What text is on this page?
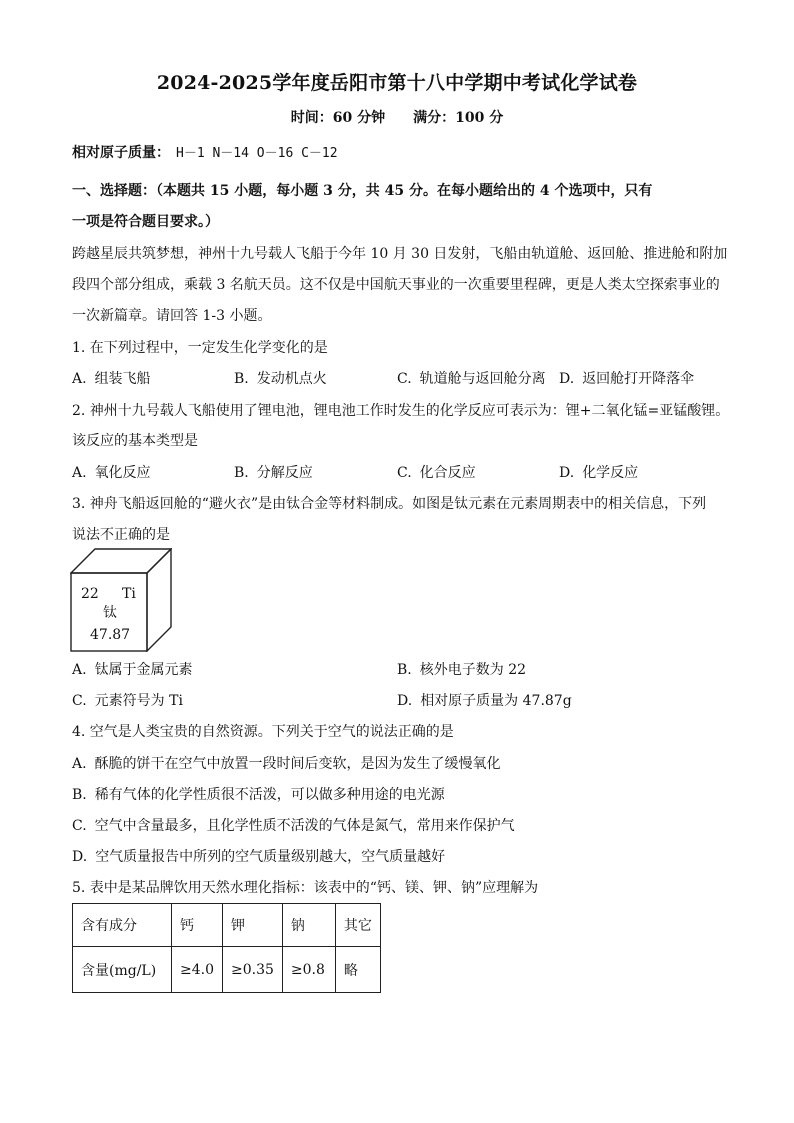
2024-2025学年度岳阳市第十八中学期中考试化学试卷
时间：60 分钟 满分：100 分
相对原子质量： H－1 N－14 O－16 C－12
一、选择题：（本题共 15 小题，每小题 3 分，共 45 分。在每小题给出的 4 个选项中，只有
一项是符合题目要求。）
跨越星辰共筑梦想，神州十九号载人飞船于今年 10 月 30 日发射，飞船由轨道舱、返回舱、推进舱和附加
段四个部分组成，乘载 3 名航天员。这不仅是中国航天事业的一次重要里程碑，更是人类太空探索事业的
一次新篇章。请回答 1-3 小题。
1. 在下列过程中，一定发生化学变化的是
A. 组装飞船	B. 发动机点火	C. 轨道舱与返回舱分离 D. 返回舱打开降落伞
2. 神州十九号载人飞船使用了锂电池，锂电池工作时发生的化学反应可表示为：锂+二氧化锰=亚锰酸锂。
该反应的基本类型是
A. 氧化反应	B. 分解反应	C. 化合反应	D. 化学反应
3. 神舟飞船返回舱的“避火衣”是由钛合金等材料制成。如图是钛元素在元素周期表中的相关信息，下列
说法不正确的是
22 Ti
钛
47.87
A. 钛属于金属元素	B. 核外电子数为 22
C. 元素符号为 Ti	D. 相对原子质量为 47.87g
4. 空气是人类宝贵的自然资源。下列关于空气的说法正确的是
A. 酥脆的饼干在空气中放置一段时间后变软，是因为发生了缓慢氧化
B. 稀有气体的化学性质很不活泼，可以做多种用途的电光源
C. 空气中含量最多，且化学性质不活泼的气体是氮气，常用来作保护气
D. 空气质量报告中所列的空气质量级别越大，空气质量越好
5. 表中是某品牌饮用天然水理化指标：该表中的“钙、镁、钾、钠”应理解为
含有成分	钙	钾	钠	其它
含量(mg/L)	≥4.0	≥0.35	≥0.8	略
